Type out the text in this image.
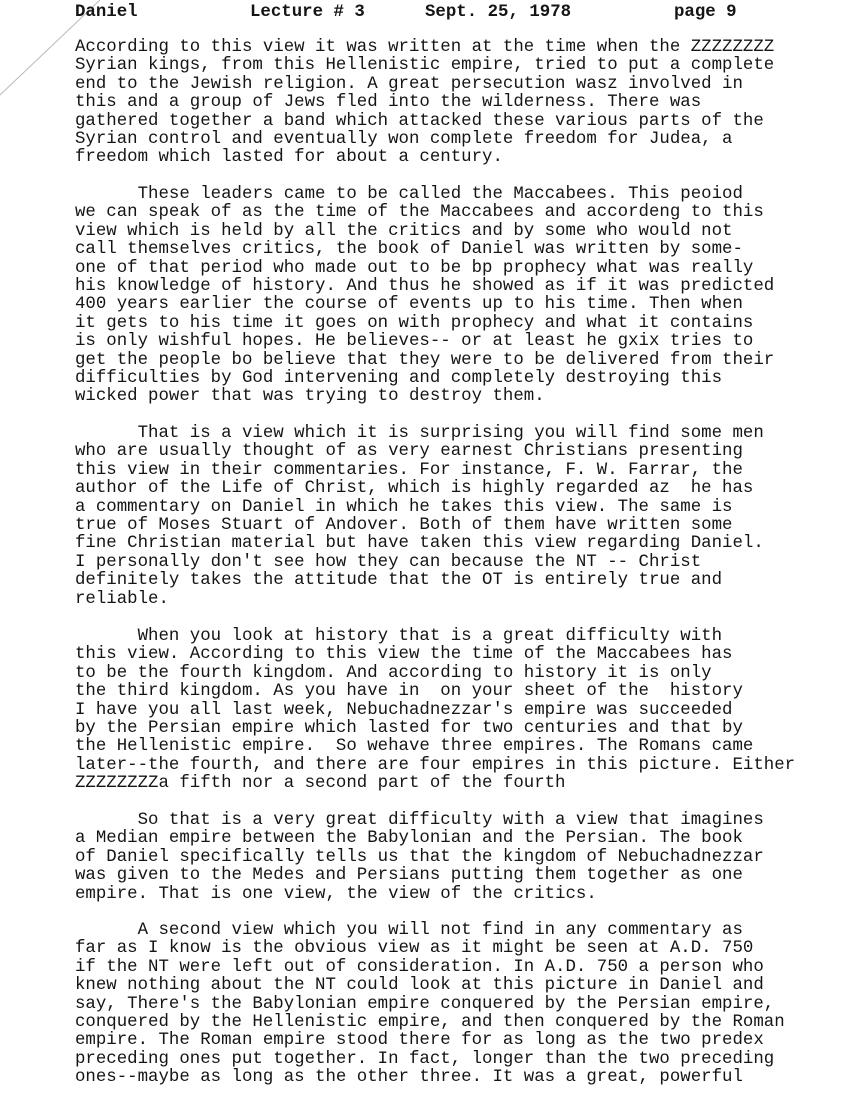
Daniel	Lecture # 3	Sept. 25, 1978	page 9

According to this view it was written at the time when the ZZZZZZZZ
Syrian kings, from this Hellenistic empire, tried to put a complete
end to the Jewish religion. A great persecution wasz involved in
this and a group of Jews fled into the wilderness. There was
gathered together a band which attacked these various parts of the
Syrian control and eventually won complete freedom for Judea, a
freedom which lasted for about a century.

These leaders came to be called the Maccabees. This peoiod
we can speak of as the time of the Maccabees and accordeng to this
view which is held by all the critics and by some who would not
call themselves critics, the book of Daniel was written by some-
one of that period who made out to be bp prophecy what was really
his knowledge of history. And thus he showed as if it was predicted
400 years earlier the course of events up to his time. Then when
it gets to his time it goes on with prophecy and what it contains
is only wishful hopes. He believes-- or at least he gxix tries to
get the people bo believe that they were to be delivered from their
difficulties by God intervening and completely destroying this
wicked power that was trying to destroy them.

That is a view which it is surprising you will find some men
who are usually thought of as very earnest Christians presenting
this view in their commentaries. For instance, F. W. Farrar, the
author of the Life of Christ, which is highly regarded az  he has
a commentary on Daniel in which he takes this view. The same is
true of Moses Stuart of Andover. Both of them have written some
fine Christian material but have taken this view regarding Daniel.
I personally don't see how they can because the NT -- Christ
definitely takes the attitude that the OT is entirely true and
reliable.

When you look at history that is a great difficulty with
this view. According to this view the time of the Maccabees has
to be the fourth kingdom. And according to history it is only
the third kingdom. As you have in  on your sheet of the  history
I have you all last week, Nebuchadnezzar's empire was succeeded
by the Persian empire which lasted for two centuries and that by
the Hellenistic empire.  So wehave three empires. The Romans came
later--the fourth, and there are four empires in this picture. Either
ZZZZZZZZa fifth nor a second part of the fourth

So that is a very great difficulty with a view that imagines
a Median empire between the Babylonian and the Persian. The book
of Daniel specifically tells us that the kingdom of Nebuchadnezzar
was given to the Medes and Persians putting them together as one
empire. That is one view, the view of the critics.

A second view which you will not find in any commentary as
far as I know is the obvious view as it might be seen at A.D. 750
if the NT were left out of consideration. In A.D. 750 a person who
knew nothing about the NT could look at this picture in Daniel and
say, There's the Babylonian empire conquered by the Persian empire,
conquered by the Hellenistic empire, and then conquered by the Roman
empire. The Roman empire stood there for as long as the two predex
preceding ones put together. In fact, longer than the two preceding
ones--maybe as long as the other three. It was a great, powerful
